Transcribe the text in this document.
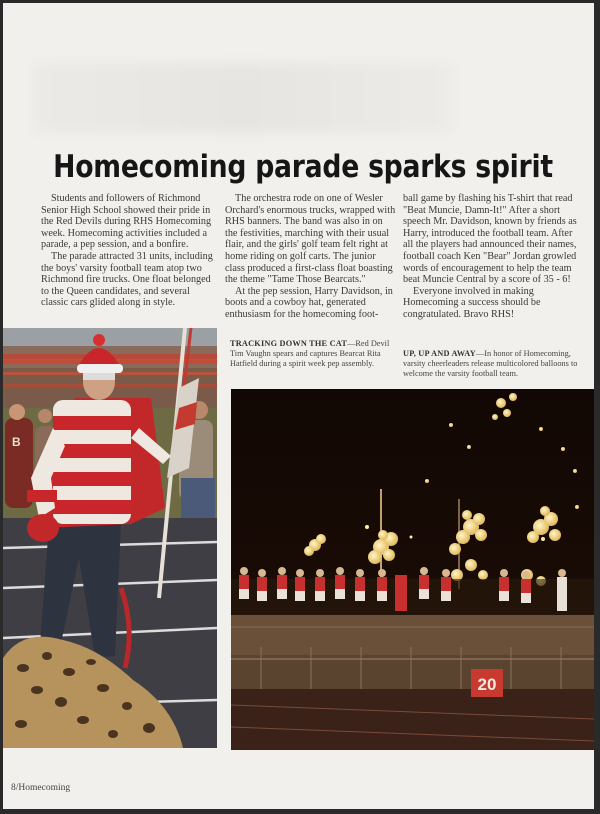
Homecoming parade sparks spirit

Students and followers of Richmond Senior High School showed their pride in the Red Devils during RHS Homecoming week. Homecoming activities included a parade, a pep session, and a bonfire.

The parade attracted 31 units, including the boys' varsity football team atop two Richmond fire trucks. One float belonged to the Queen candidates, and several classic cars glided along in style.

The orchestra rode on one of Wesler Orchard's enormous trucks, wrapped with RHS banners. The band was also in on the festivities, marching with their usual flair, and the girls' golf team felt right at home riding on golf carts. The junior class produced a first-class float boasting the theme "Tame Those Bearcats."

At the pep session, Harry Davidson, in boots and a cowboy hat, generated enthusiasm for the homecoming foot-

ball game by flashing his T-shirt that read "Beat Muncie, Damn-It!" After a short speech Mr. Davidson, known by friends as Harry, introduced the football team. After all the players had announced their names, football coach Ken "Bear" Jordan growled words of encouragement to help the team beat Muncie Central by a score of 35 - 6!

Everyone involved in making Homecoming a success should be congratulated. Bravo RHS!

B
TRACKING DOWN THE CAT—Red Devil Tim Vaughn spears and captures Bearcat Rita Hatfield during a spirit week pep assembly.
UP, UP AND AWAY—In honor of Homecoming, varsity cheerleaders release multicolored balloons to welcome the varsity football team.
20
8/Homecoming
